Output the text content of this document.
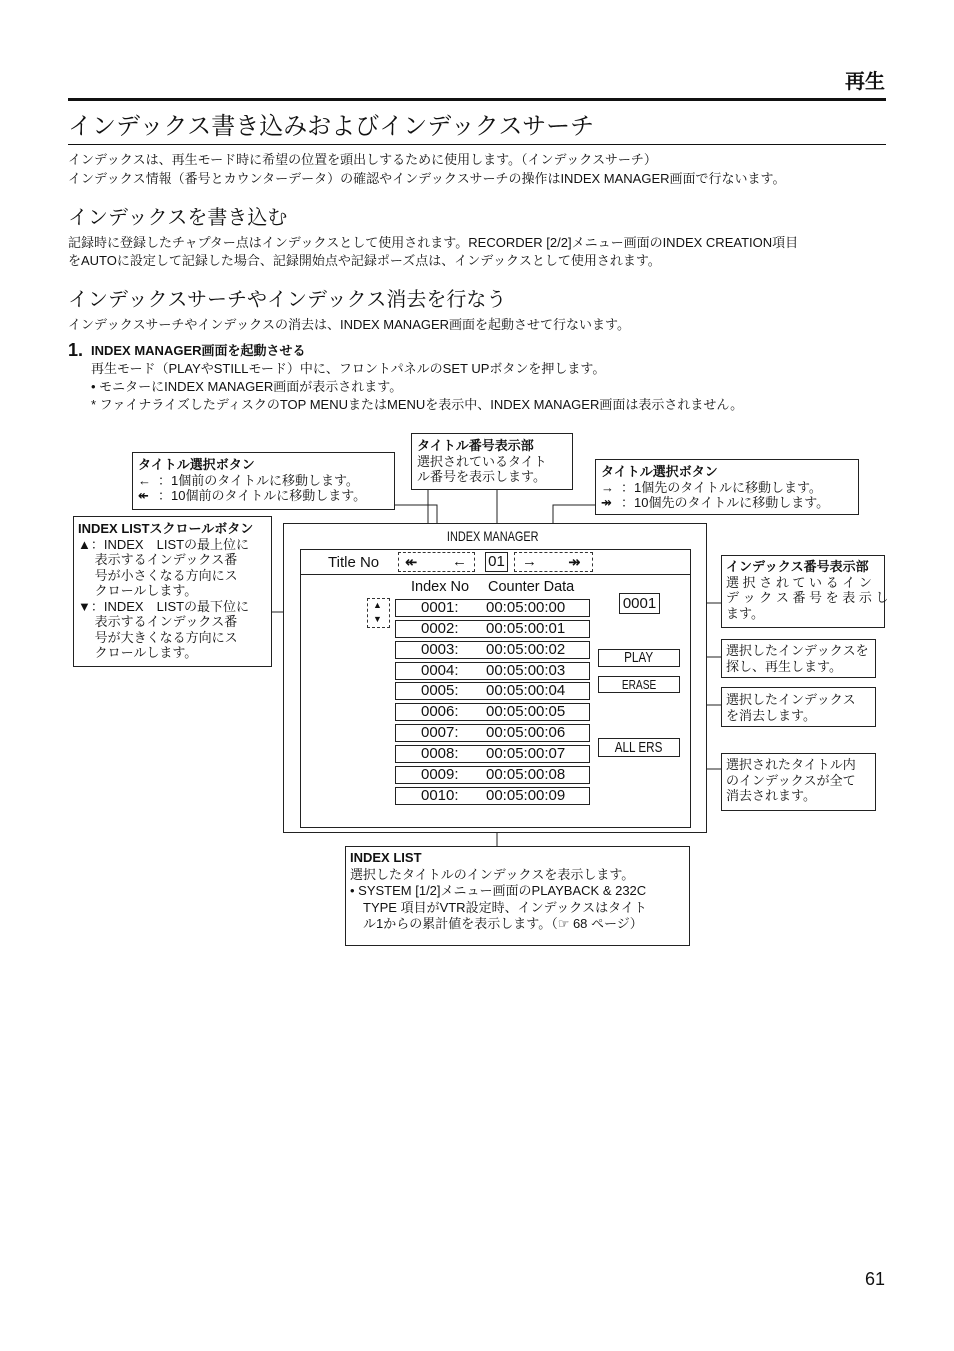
再生
インデックス書き込みおよびインデックスサーチ
インデックスは、再生モード時に希望の位置を頭出しするために使用します。（インデックスサーチ）
インデックス情報（番号とカウンターデータ）の確認やインデックスサーチの操作はINDEX MANAGER画面で行ないます。
インデックスを書き込む
記録時に登録したチャプター点はインデックスとして使用されます。RECORDER [2/2]メニュー画面のINDEX CREATION項目
をAUTOに設定して記録した場合、記録開始点や記録ポーズ点は、インデックスとして使用されます。
インデックスサーチやインデックス消去を行なう
インデックスサーチやインデックスの消去は、INDEX MANAGER画面を起動させて行ないます。
1. INDEX MANAGER画面を起動させる
再生モード（PLAYやSTILLモード）中に、フロントパネルのSET UPボタンを押します。
• モニターにINDEX MANAGER画面が表示されます。
* ファイナライズしたディスクのTOP MENUまたはMENUを表示中、INDEX MANAGER画面は表示されません。
タイトル番号表示部
選択されているタイト
ル番号を表示します。
タイトル選択ボタン
← ：1個前のタイトルに移動します。
↞ ：10個前のタイトルに移動します。
タイトル選択ボタン
→ ：1個先のタイトルに移動します。
↠ ：10個先のタイトルに移動します。
INDEX LISTスクロールボタン
▲：INDEX　LISTの最上位に
　 表示するインデックス番
　 号が小さくなる方向にス
　 クロールします。
▼：INDEX　LISTの最下位に
　 表示するインデックス番
　 号が大きくなる方向にス
　 クロールします。
INDEX MANAGER
Title No ↞ ← 01 → ↠
Index No Counter Data
▲
▼
0001: 00:05:00:00
0002: 00:05:00:01
0003: 00:05:00:02
0004: 00:05:00:03
0005: 00:05:00:04
0006: 00:05:00:05
0007: 00:05:00:06
0008: 00:05:00:07
0009: 00:05:00:08
0010: 00:05:00:09
0001
PLAY
ERASE
ALL ERS
インデックス番号表示部
選 択 さ れ て い る イ ン
デ ッ ク ス 番 号 を 表 示 し
ます。
選択したインデックスを
探し、再生します。
選択したインデックス
を消去します。
選択されたタイトル内
のインデックスが全て
消去されます。
INDEX LIST
選択したタイトルのインデックスを表示します。
• SYSTEM [1/2]メニュー画面のPLAYBACK & 232C
　TYPE 項目がVTR設定時、インデックスはタイト
　ル1からの累計値を表示します。（☞ 68 ページ）
61
